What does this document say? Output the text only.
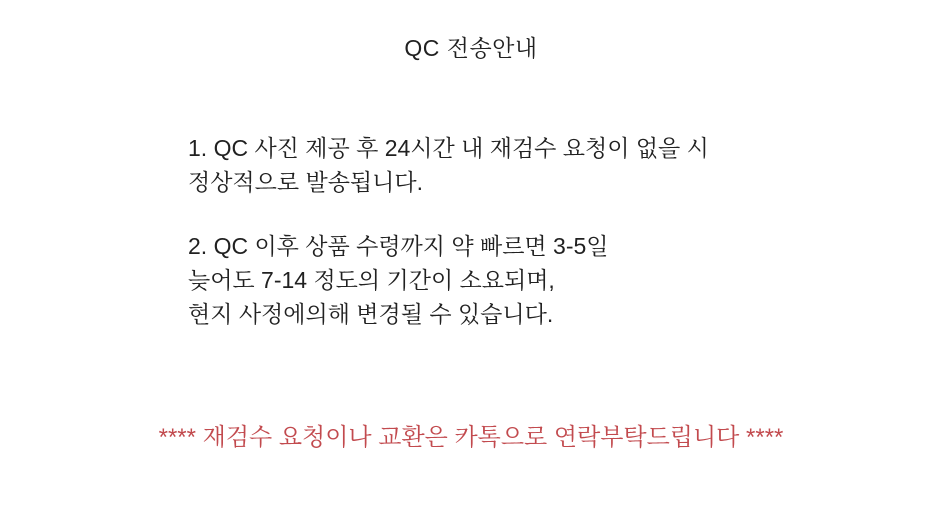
QC 전송안내

1. QC 사진 제공 후 24시간 내 재검수 요청이 없을 시
정상적으로 발송됩니다.

2. QC 이후 상품 수령까지 약 빠르면 3-5일
늦어도 7-14 정도의 기간이 소요되며,
현지 사정에의해 변경될 수 있습니다.

**** 재검수 요청이나 교환은 카톡으로 연락부탁드립니다 ****
